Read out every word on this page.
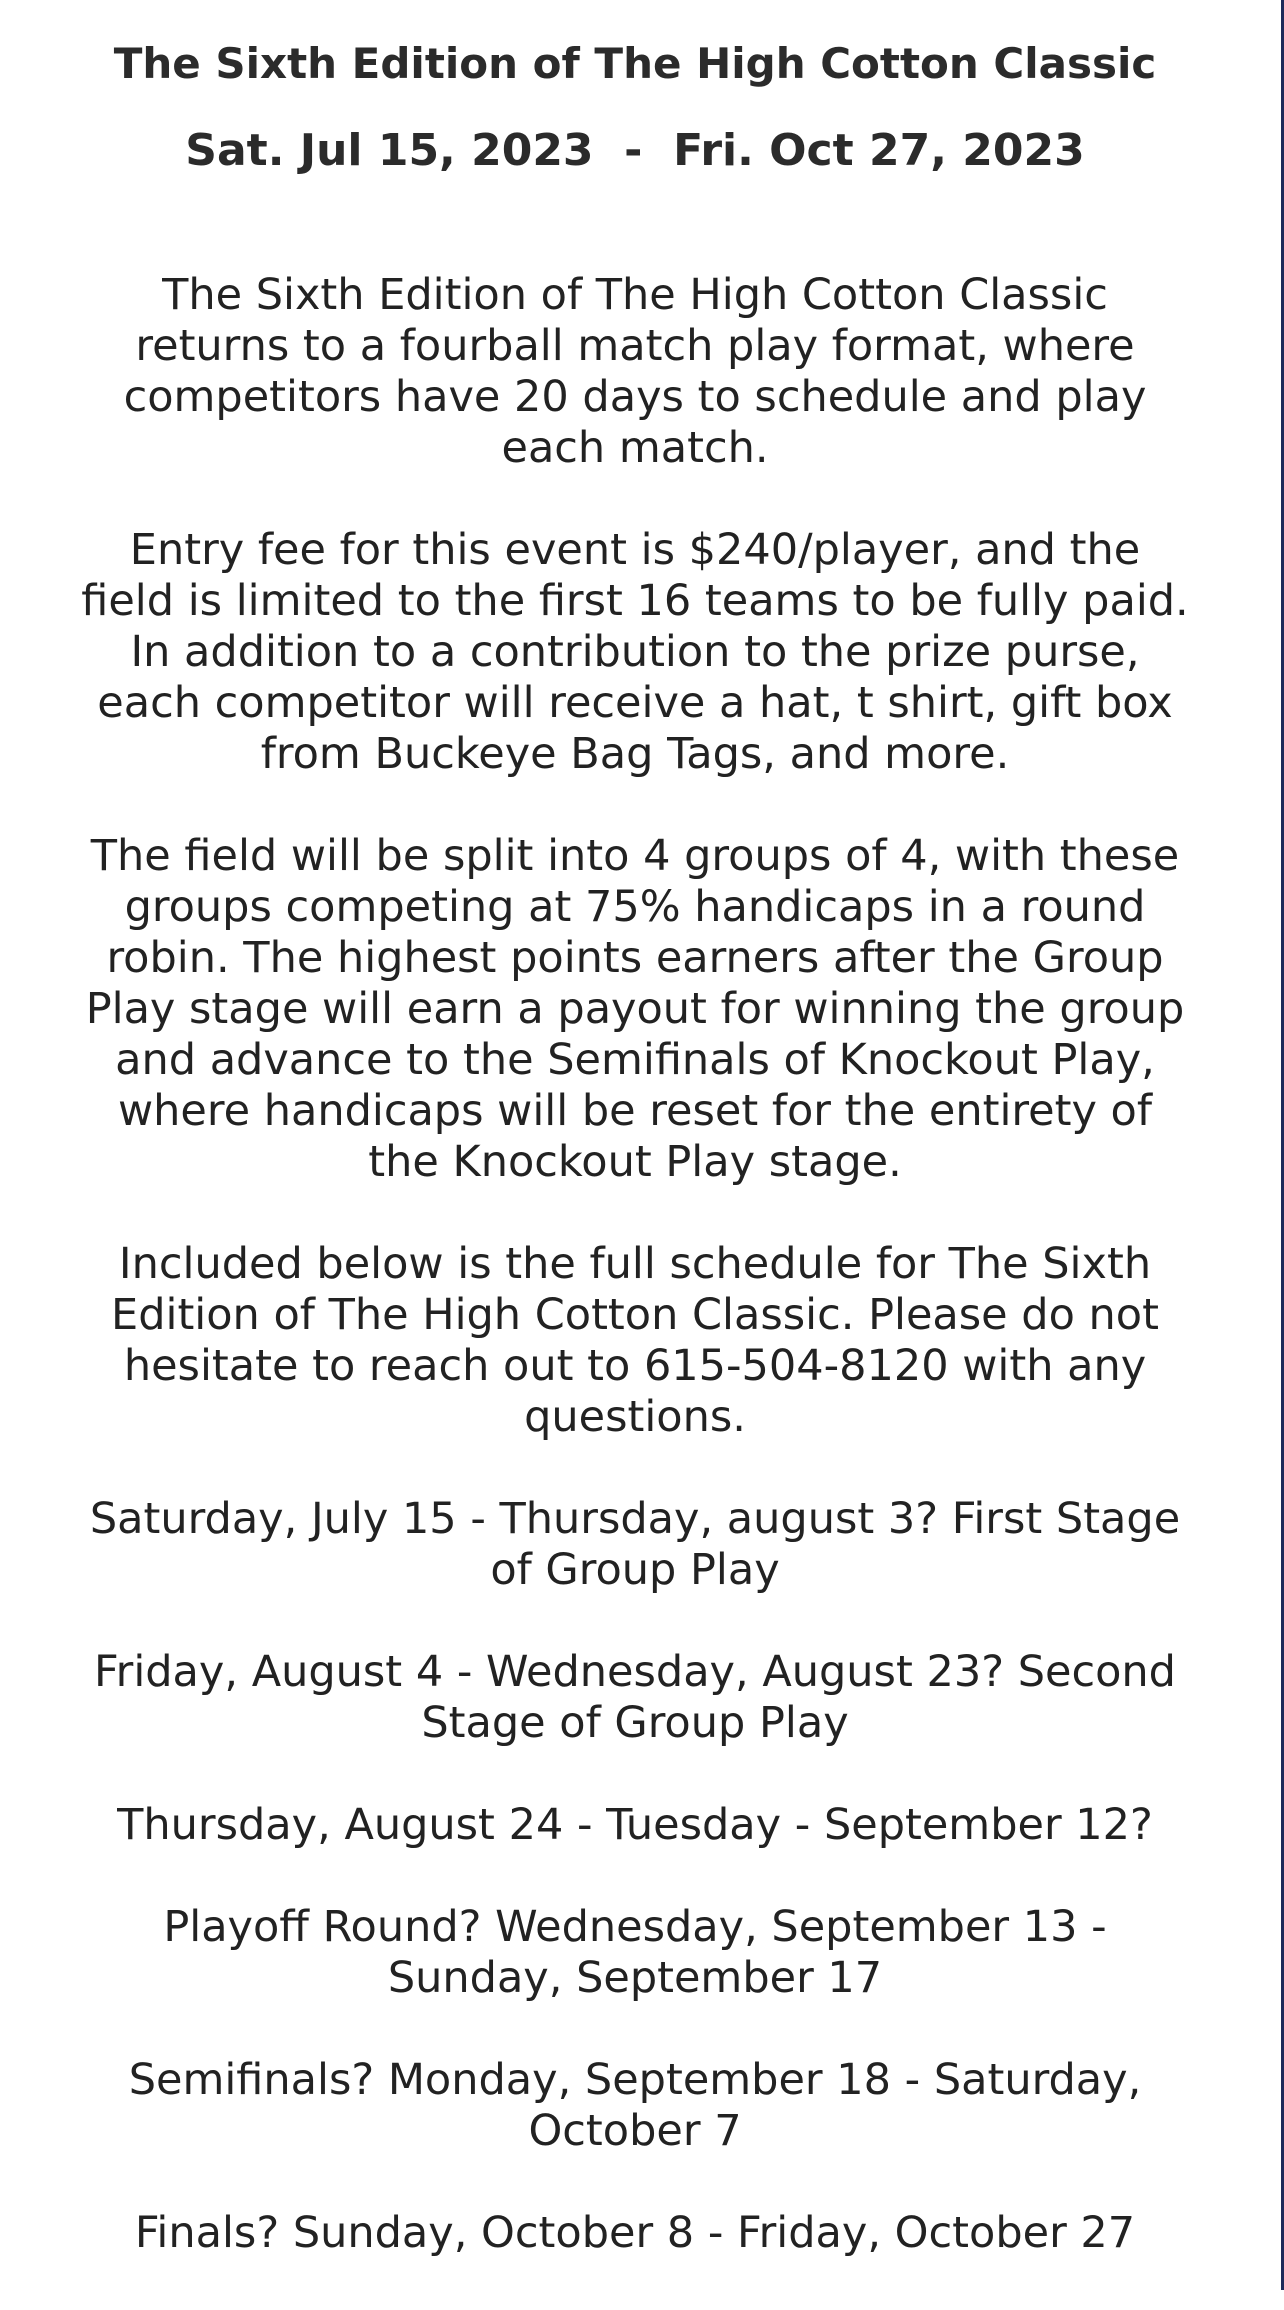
The Sixth Edition of The High Cotton Classic
Sat. Jul 15, 2023  -  Fri. Oct 27, 2023

The Sixth Edition of The High Cotton Classic returns to a fourball match play format, where competitors have 20 days to schedule and play each match.

Entry fee for this event is $240/player, and the field is limited to the first 16 teams to be fully paid. In addition to a contribution to the prize purse, each competitor will receive a hat, t shirt, gift box from Buckeye Bag Tags, and more.

The field will be split into 4 groups of 4, with these groups competing at 75% handicaps in a round robin. The highest points earners after the Group Play stage will earn a payout for winning the group and advance to the Semifinals of Knockout Play, where handicaps will be reset for the entirety of the Knockout Play stage.

Included below is the full schedule for The Sixth Edition of The High Cotton Classic. Please do not hesitate to reach out to 615-504-8120 with any questions.

Saturday, July 15 - Thursday, august 3? First Stage of Group Play

Friday, August 4 - Wednesday, August 23? Second Stage of Group Play

Thursday, August 24 - Tuesday - September 12?

Playoff Round? Wednesday, September 13 - Sunday, September 17

Semifinals? Monday, September 18 - Saturday, October 7

Finals? Sunday, October 8 - Friday, October 27
